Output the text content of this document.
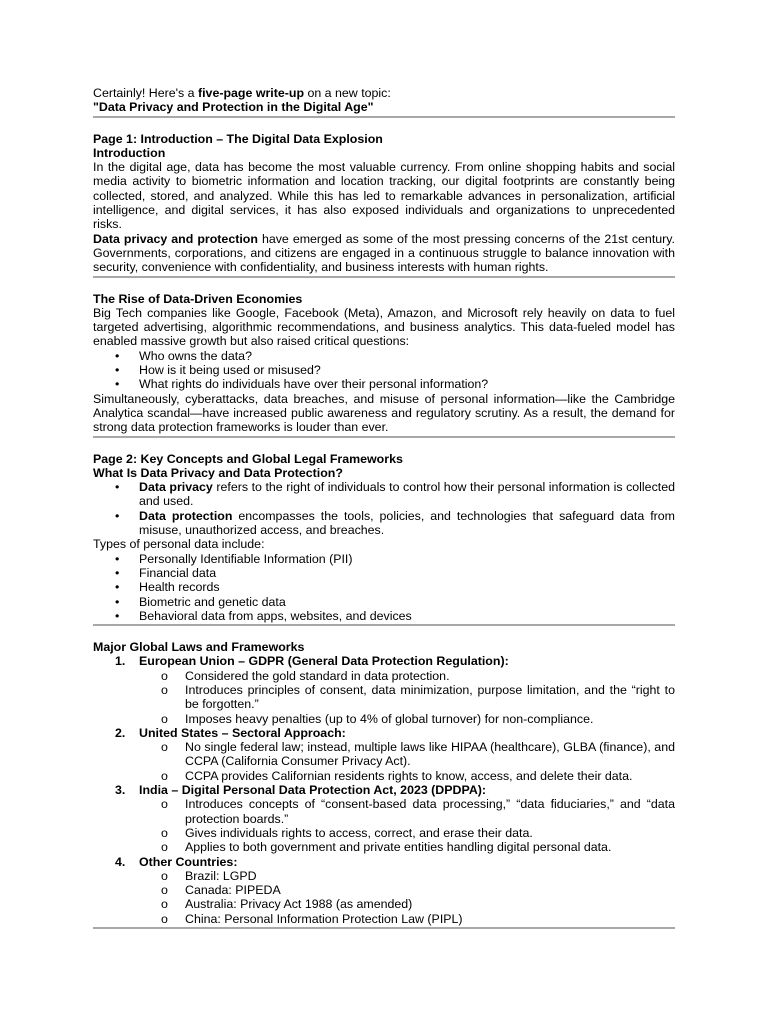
Certainly! Here's a five-page write-up on a new topic:

"Data Privacy and Protection in the Digital Age"

Page 1: Introduction – The Digital Data Explosion

Introduction

In the digital age, data has become the most valuable currency. From online shopping habits and social media activity to biometric information and location tracking, our digital footprints are constantly being collected, stored, and analyzed. While this has led to remarkable advances in personalization, artificial intelligence, and digital services, it has also exposed individuals and organizations to unprecedented risks.

Data privacy and protection have emerged as some of the most pressing concerns of the 21st century. Governments, corporations, and citizens are engaged in a continuous struggle to balance innovation with security, convenience with confidentiality, and business interests with human rights.

The Rise of Data-Driven Economies

Big Tech companies like Google, Facebook (Meta), Amazon, and Microsoft rely heavily on data to fuel targeted advertising, algorithmic recommendations, and business analytics. This data-fueled model has enabled massive growth but also raised critical questions:

• Who owns the data?
• How is it being used or misused?
• What rights do individuals have over their personal information?

Simultaneously, cyberattacks, data breaches, and misuse of personal information—like the Cambridge Analytica scandal—have increased public awareness and regulatory scrutiny. As a result, the demand for strong data protection frameworks is louder than ever.

Page 2: Key Concepts and Global Legal Frameworks

What Is Data Privacy and Data Protection?

• Data privacy refers to the right of individuals to control how their personal information is collected and used.
• Data protection encompasses the tools, policies, and technologies that safeguard data from misuse, unauthorized access, and breaches.

Types of personal data include:

• Personally Identifiable Information (PII)
• Financial data
• Health records
• Biometric and genetic data
• Behavioral data from apps, websites, and devices

Major Global Laws and Frameworks

1. European Union – GDPR (General Data Protection Regulation):
o Considered the gold standard in data protection.
o Introduces principles of consent, data minimization, purpose limitation, and the “right to be forgotten.”
o Imposes heavy penalties (up to 4% of global turnover) for non-compliance.
2. United States – Sectoral Approach:
o No single federal law; instead, multiple laws like HIPAA (healthcare), GLBA (finance), and CCPA (California Consumer Privacy Act).
o CCPA provides Californian residents rights to know, access, and delete their data.
3. India – Digital Personal Data Protection Act, 2023 (DPDPA):
o Introduces concepts of “consent-based data processing,” “data fiduciaries,” and “data protection boards.”
o Gives individuals rights to access, correct, and erase their data.
o Applies to both government and private entities handling digital personal data.
4. Other Countries:
o Brazil: LGPD
o Canada: PIPEDA
o Australia: Privacy Act 1988 (as amended)
o China: Personal Information Protection Law (PIPL)
